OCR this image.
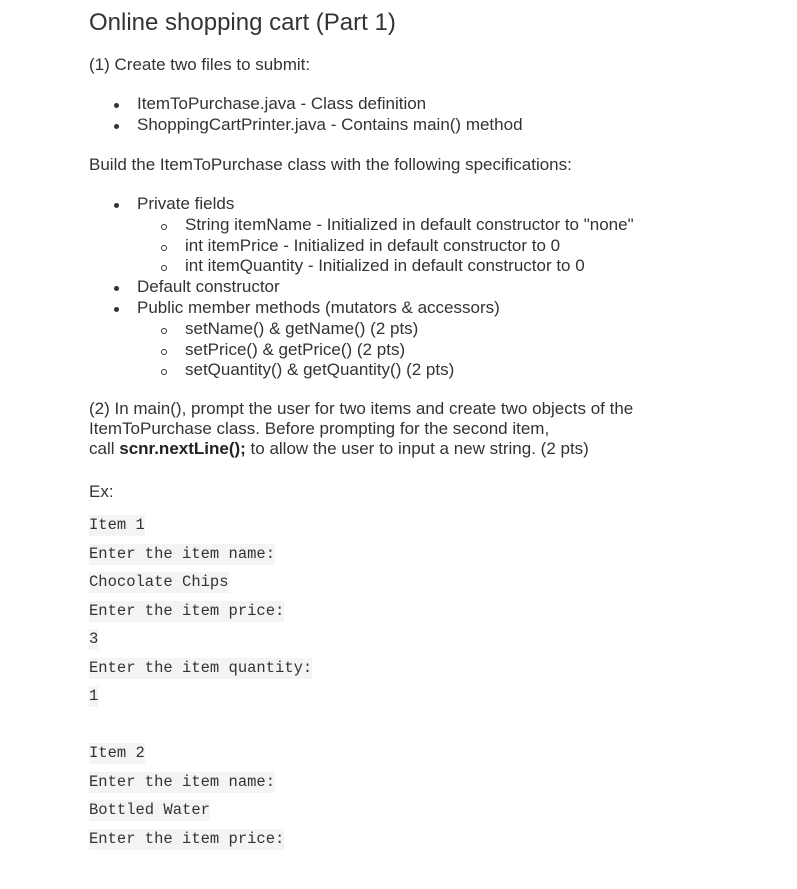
Online shopping cart (Part 1)

(1) Create two files to submit:

ItemToPurchase.java - Class definition
ShoppingCartPrinter.java - Contains main() method

Build the ItemToPurchase class with the following specifications:

Private fields
String itemName - Initialized in default constructor to "none"
int itemPrice - Initialized in default constructor to 0
int itemQuantity - Initialized in default constructor to 0
Default constructor
Public member methods (mutators & accessors)
setName() & getName() (2 pts)
setPrice() & getPrice() (2 pts)
setQuantity() & getQuantity() (2 pts)
(2) In main(), prompt the user for two items and create two objects of the
ItemToPurchase class. Before prompting for the second item,
call scnr.nextLine(); to allow the user to input a new string. (2 pts)

Ex:

Item 1
Enter the item name:
Chocolate Chips
Enter the item price:
3
Enter the item quantity:
1
Item 2
Enter the item name:
Bottled Water
Enter the item price:
